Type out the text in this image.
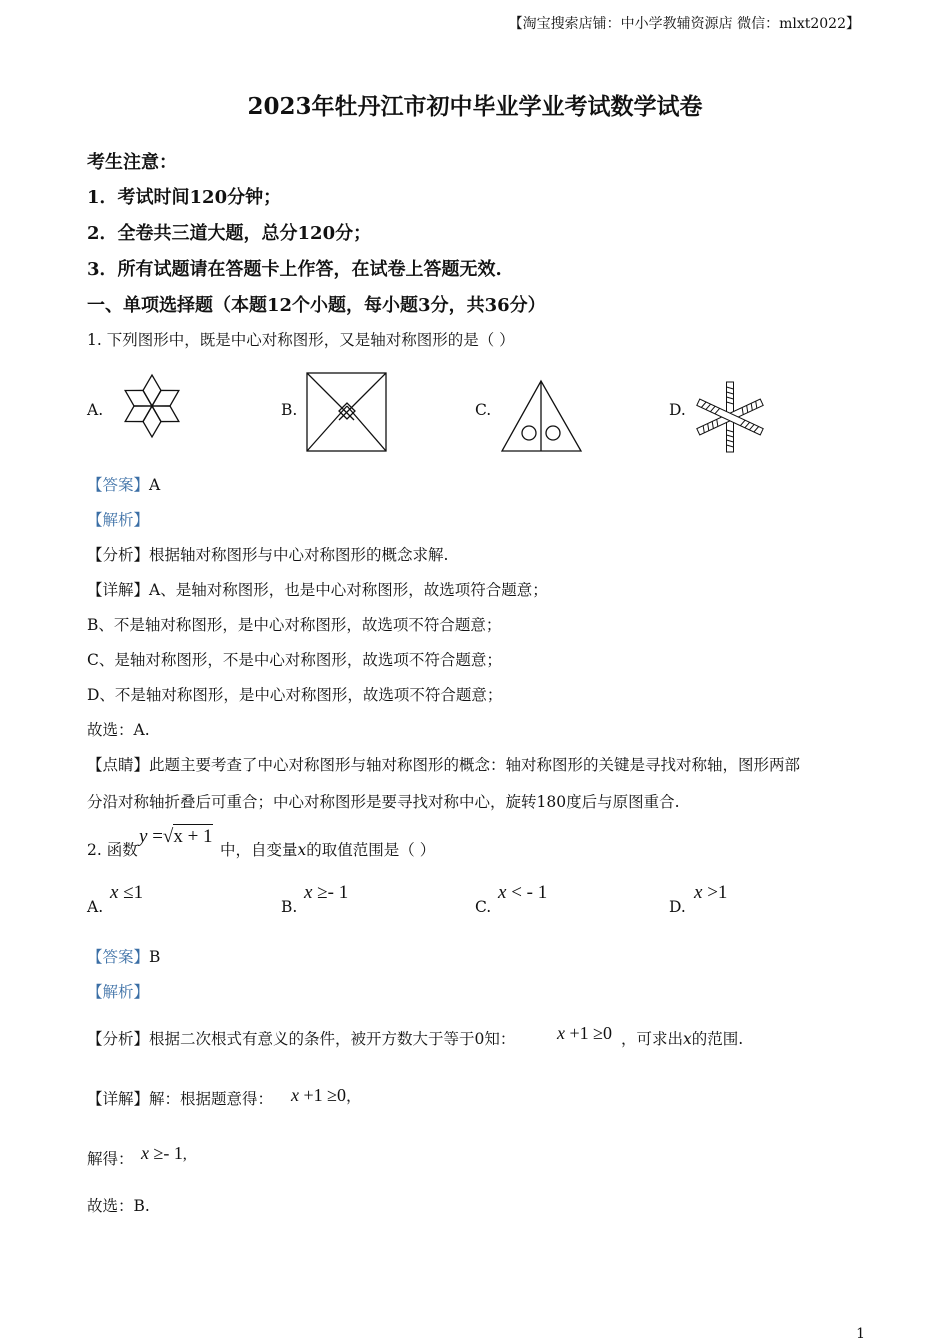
【淘宝搜索店铺：中小学教辅资源店 微信：mlxt2022】
2023年牡丹江市初中毕业学业考试数学试卷
考生注意：
1．考试时间120分钟；
2．全卷共三道大题，总分120分；
3．所有试题请在答题卡上作答，在试卷上答题无效.
一、单项选择题（本题12个小题，每小题3分，共36分）
1. 下列图形中，既是中心对称图形，又是轴对称图形的是（ ）
A.	B.	C.	D.
【答案】A
【解析】
【分析】根据轴对称图形与中心对称图形的概念求解.
【详解】A、是轴对称图形，也是中心对称图形，故选项符合题意；
B、不是轴对称图形，是中心对称图形，故选项不符合题意；
C、是轴对称图形，不是中心对称图形，故选项不符合题意；
D、不是轴对称图形，是中心对称图形，故选项不符合题意；
故选：A.
【点睛】此题主要考查了中心对称图形与轴对称图形的概念：轴对称图形的关键是寻找对称轴，图形两部
分沿对称轴折叠后可重合；中心对称图形是要寻找对称中心，旋转180度后与原图重合.
2. 函数
y =√x + 1
中，自变量x的取值范围是（ ）
A.
x ≤1
B.
x ≥- 1
C.
x < - 1
D.
x >1
【答案】B
【解析】
【分析】根据二次根式有意义的条件，被开方数大于等于0知： x +1 ≥0 ，可求出x的范围.
【详解】解：根据题意得： x +1 ≥0，
解得： x ≥- 1,
故选：B.
1
